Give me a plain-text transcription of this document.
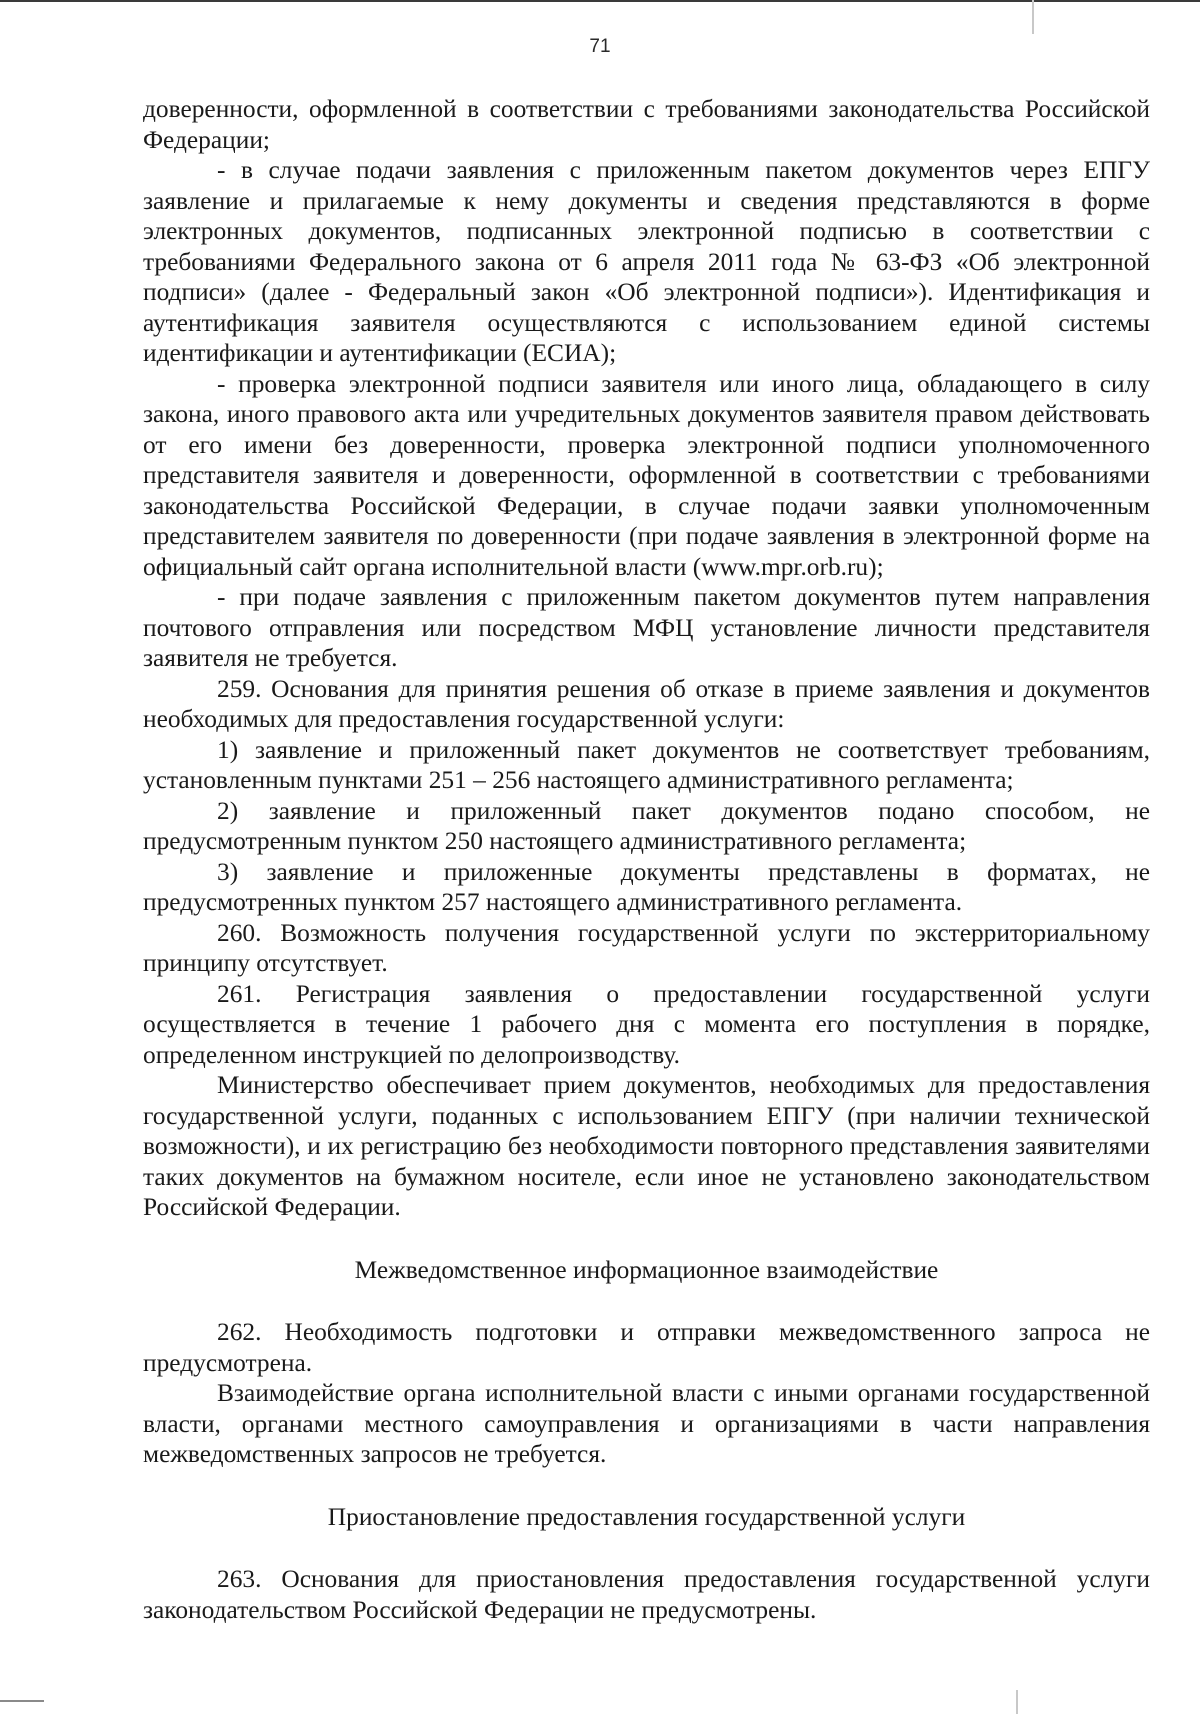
71

доверенности, оформленной в соответствии с требованиями законодательства Российской Федерации;

- в случае подачи заявления с приложенным пакетом документов через ЕПГУ заявление и прилагаемые к нему документы и сведения представляются в форме электронных документов, подписанных электронной подписью в соответствии с требованиями Федерального закона от 6 апреля 2011 года № 63-ФЗ «Об электронной подписи» (далее - Федеральный закон «Об электронной подписи»). Идентификация и аутентификация заявителя осуществляются с использованием единой системы идентификации и аутентификации (ЕСИА);

- проверка электронной подписи заявителя или иного лица, обладающего в силу закона, иного правового акта или учредительных документов заявителя правом действовать от его имени без доверенности, проверка электронной подписи уполномоченного представителя заявителя и доверенности, оформленной в соответствии с требованиями законодательства Российской Федерации, в случае подачи заявки уполномоченным представителем заявителя по доверенности (при подаче заявления в электронной форме на официальный сайт органа исполнительной власти (www.mpr.orb.ru);

- при подаче заявления с приложенным пакетом документов путем направления почтового отправления или посредством МФЦ установление личности представителя заявителя не требуется.

259. Основания для принятия решения об отказе в приеме заявления и документов необходимых для предоставления государственной услуги:

1) заявление и приложенный пакет документов не соответствует требованиям, установленным пунктами 251 – 256 настоящего административного регламента;

2) заявление и приложенный пакет документов подано способом, не предусмотренным пунктом 250 настоящего административного регламента;

3) заявление и приложенные документы представлены в форматах, не предусмотренных пунктом 257 настоящего административного регламента.

260. Возможность получения государственной услуги по экстерриториальному принципу отсутствует.

261. Регистрация заявления о предоставлении государственной услуги осуществляется в течение 1 рабочего дня с момента его поступления в порядке, определенном инструкцией по делопроизводству.

Министерство обеспечивает прием документов, необходимых для предоставления государственной услуги, поданных с использованием ЕПГУ (при наличии технической возможности), и их регистрацию без необходимости повторного представления заявителями таких документов на бумажном носителе, если иное не установлено законодательством Российской Федерации.

Межведомственное информационное взаимодействие

262. Необходимость подготовки и отправки межведомственного запроса не предусмотрена.

Взаимодействие органа исполнительной власти с иными органами государственной власти, органами местного самоуправления и организациями в части направления межведомственных запросов не требуется.

Приостановление предоставления государственной услуги

263. Основания для приостановления предоставления государственной услуги законодательством Российской Федерации не предусмотрены.
